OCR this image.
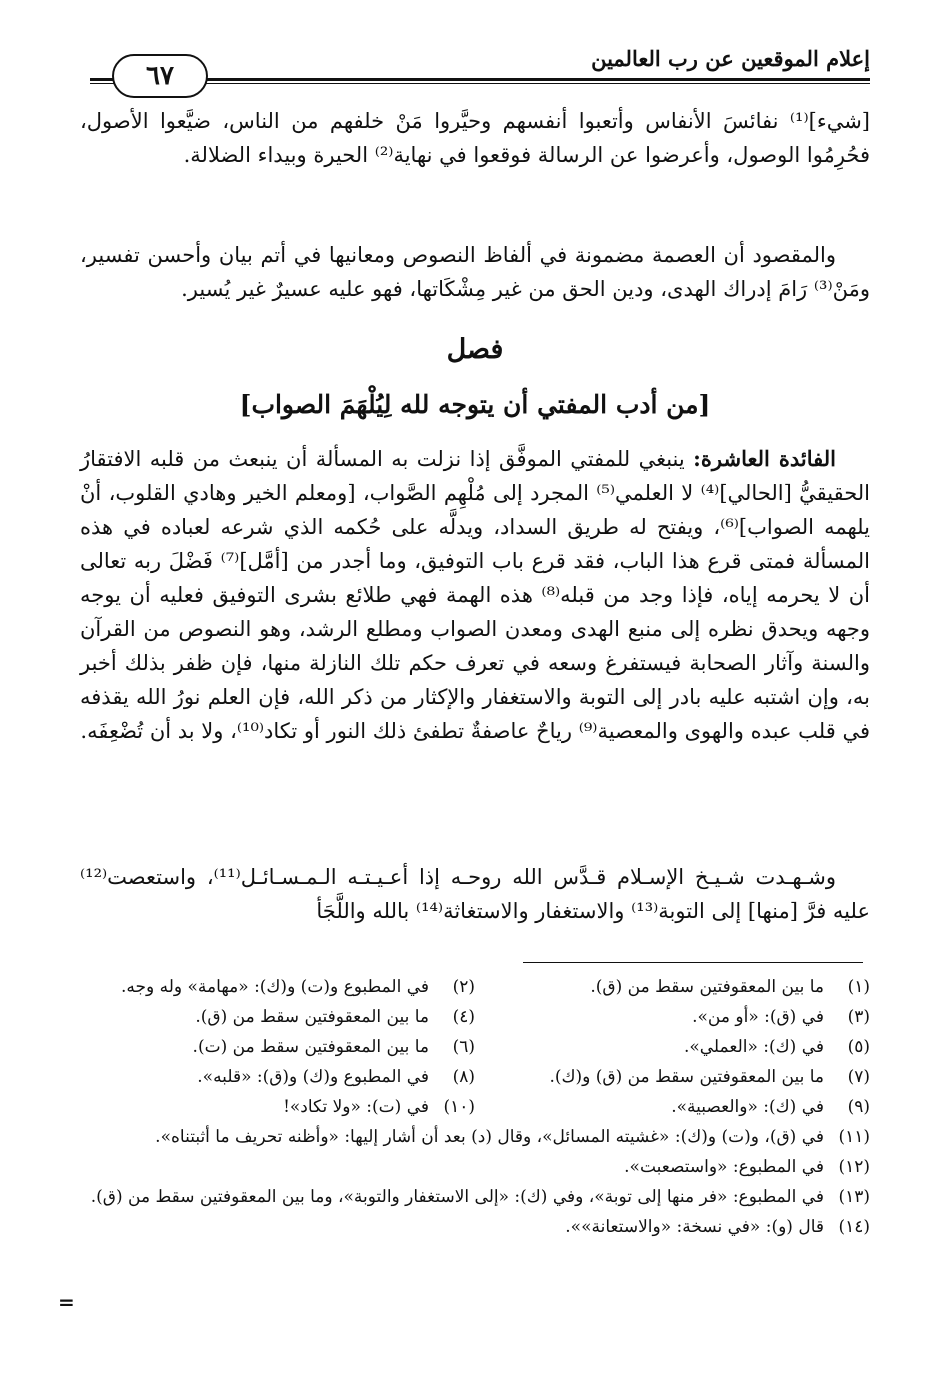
إعلام الموقعين عن رب العالمين
٦٧
[شيء]⁽¹⁾ نفائسَ الأنفاس وأتعبوا أنفسهم وحيَّروا مَنْ خلفهم من الناس، ضيَّعوا الأصول، فحُرِمُوا الوصول، وأعرضوا عن الرسالة فوقعوا في نهاية⁽²⁾ الحيرة وبيداء الضلالة.
والمقصود أن العصمة مضمونة في ألفاظ النصوص ومعانيها في أتم بيان وأحسن تفسير، ومَنْ⁽³⁾ رَامَ إدراك الهدى، ودين الحق من غير مِشْكَاتها، فهو عليه عسيرٌ غير يُسير.
فصل
[من أدب المفتي أن يتوجه لله لِيُلْهَمَ الصواب]
الفائدة العاشرة: ينبغي للمفتي الموفَّق إذا نزلت به المسألة أن ينبعث من قلبه الافتقارُ الحقيقيُّ [الحالي]⁽⁴⁾ لا العلمي⁽⁵⁾ المجرد إلى مُلْهِم الصَّواب، [ومعلم الخير وهادي القلوب، أنْ يلهمه الصواب]⁽⁶⁾، ويفتح له طريق السداد، ويدلَّه على حُكمه الذي شرعه لعباده في هذه المسألة فمتى قرع هذا الباب، فقد قرع باب التوفيق، وما أجدر من [أمَّل]⁽⁷⁾ فَضْلَ ربه تعالى أن لا يحرمه إياه، فإذا وجد من قبله⁽⁸⁾ هذه الهمة فهي طلائع بشرى التوفيق فعليه أن يوجه وجهه ويحدق نظره إلى منبع الهدى ومعدن الصواب ومطلع الرشد، وهو النصوص من القرآن والسنة وآثار الصحابة فيستفرغ وسعه في تعرف حكم تلك النازلة منها، فإن ظفر بذلك أخبر به، وإن اشتبه عليه بادر إلى التوبة والاستغفار والإكثار من ذكر الله، فإن العلم نورُ الله يقذفه في قلب عبده والهوى والمعصية⁽⁹⁾ رياحٌ عاصفةٌ تطفئ ذلك النور أو تكاد⁽¹⁰⁾، ولا بد أن تُضْعِفَه.
وشـهـدت شـيـخ الإسـلام قـدَّس الله روحـه إذا أعـيـتـه الـمـسـائـل⁽¹¹⁾، واستعصت⁽¹²⁾ عليه فرَّ [منها] إلى التوبة⁽¹³⁾ والاستغفار والاستغاثة⁽¹⁴⁾ بالله واللَّجَأ
(١)ما بين المعقوفتين سقط من (ق).
(٢)في المطبوع و(ت) و(ك): «مهامة» وله وجه.
(٣)في (ق): «أو من».
(٤)ما بين المعقوفتين سقط من (ق).
(٥)في (ك): «العملي».
(٦)ما بين المعقوفتين سقط من (ت).
(٧)ما بين المعقوفتين سقط من (ق) و(ك).
(٨)في المطبوع و(ك) و(ق): «قلبه».
(٩)في (ك): «والعصبية».
(١٠)في (ت): «ولا تكاد»!
(١١)في (ق)، و(ت) و(ك): «غشيته المسائل»، وقال (د) بعد أن أشار إليها: «وأظنه تحريف ما أثبتناه».
(١٢)في المطبوع: «واستصعبت».
(١٣)في المطبوع: «فر منها إلى توبة»، وفي (ك): «إلى الاستغفار والتوبة»، وما بين المعقوفتين سقط من (ق).
(١٤)قال (و): «في نسخة: «والاستعانة»».
=
